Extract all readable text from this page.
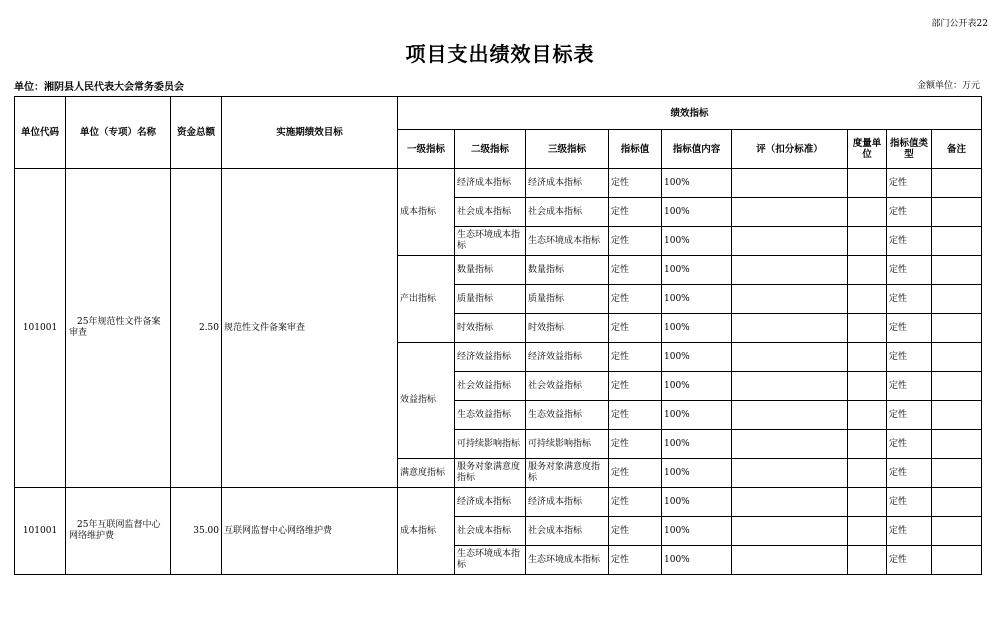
部门公开表22
项目支出绩效目标表
单位：湘阴县人民代表大会常务委员会	金额单位：万元
单位代码	单位（专项）名称	资金总额	实施期绩效目标	绩效指标								
				一级指标	二级指标	三级指标	指标值	指标值内容	评（扣分标准）	度量单位	指标值类型	备注
101001	25年规范性文件备案审查	2.50	规范性文件备案审查	成本指标	经济成本指标	经济成本指标	定性	100%			定性	
					社会成本指标	社会成本指标	定性	100%			定性	
					生态环境成本指标	生态环境成本指标	定性	100%			定性	
				产出指标	数量指标	数量指标	定性	100%			定性	
					质量指标	质量指标	定性	100%			定性	
					时效指标	时效指标	定性	100%			定性	
				效益指标	经济效益指标	经济效益指标	定性	100%			定性	
					社会效益指标	社会效益指标	定性	100%			定性	
					生态效益指标	生态效益指标	定性	100%			定性	
					可持续影响指标	可持续影响指标	定性	100%			定性	
				满意度指标	服务对象满意度指标	服务对象满意度指标	定性	100%			定性	
101001	25年互联网监督中心网络维护费	35.00	互联网监督中心网络维护费	成本指标	经济成本指标	经济成本指标	定性	100%			定性	
					社会成本指标	社会成本指标	定性	100%			定性	
					生态环境成本指标	生态环境成本指标	定性	100%			定性	
